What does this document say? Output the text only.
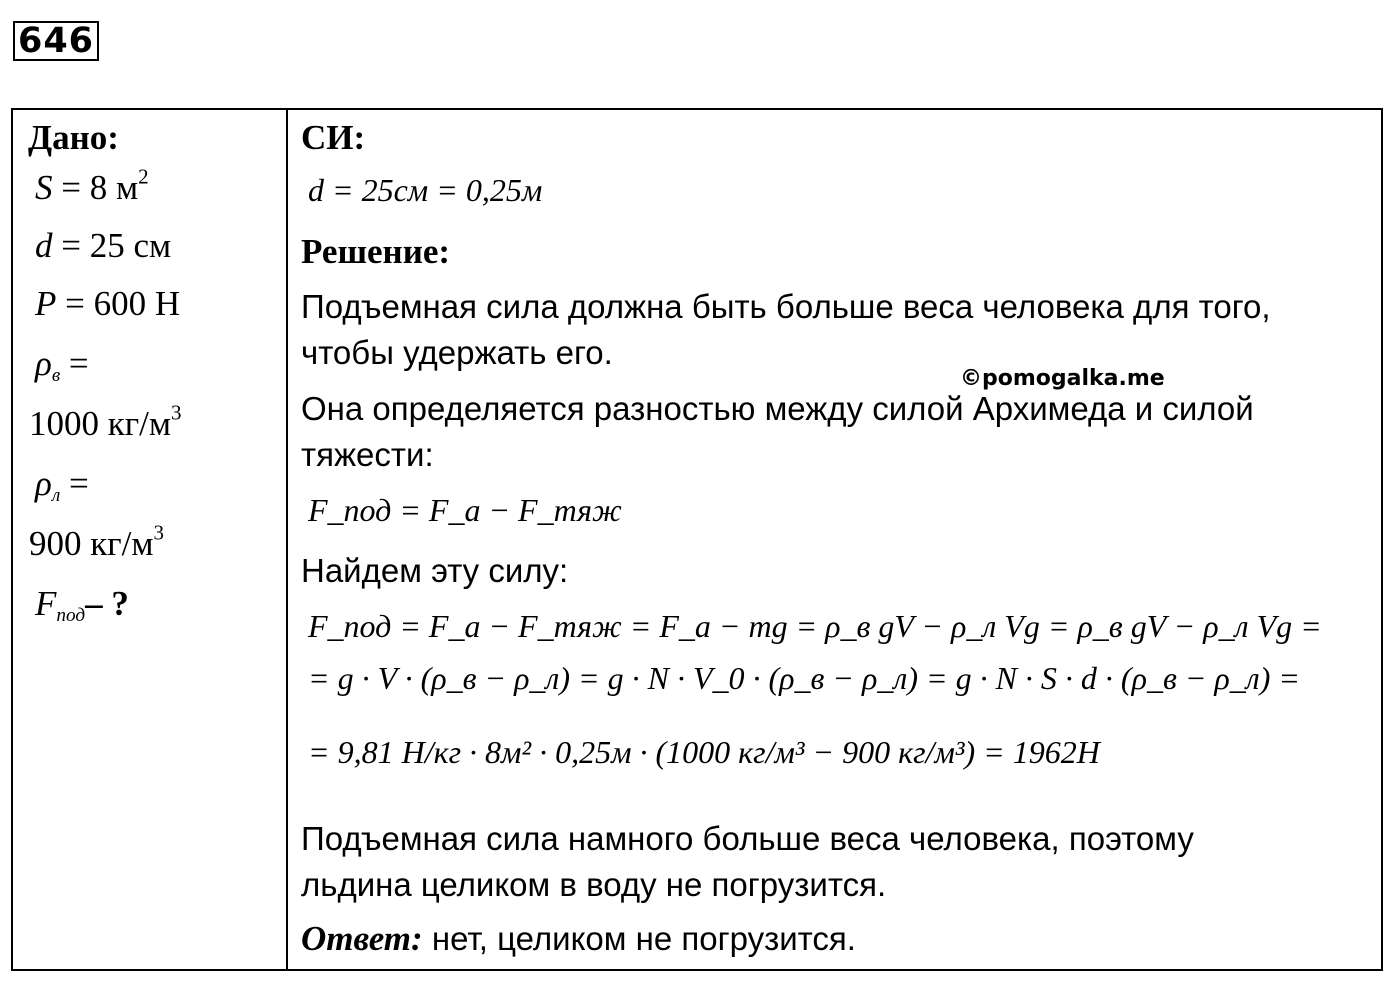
646
Дано:
S = 8 $м^2$
d = 25 см
P = 600 Н
$\rho_в$ =
1000 $кг/м^3$
$\rho_л$ =
900 $кг/м^3$
$F_{под}-$ ?
СИ:
d = 25см = 0,25м
Решение:
Подъемная сила должна быть больше веса человека для того,
чтобы удержать его.
©pomogalka.me
Она определяется разностью между силой Архимеда и силой
тяжести:
F_под = F_а − F_тяж
Найдем эту силу:
F_под = F_а − F_тяж = F_а − mg = ρ_в gV − ρ_л Vg = ρ_в gV − ρ_л Vg =
= g · V · (ρ_в − ρ_л) = g · N · V_0 · (ρ_в − ρ_л) = g · N · S · d · (ρ_в − ρ_л) =
= 9,81 Н/кг · 8м² · 0,25м · (1000 кг/м³ − 900 кг/м³) = 1962Н
Подъемная сила намного больше веса человека, поэтому
льдина целиком в воду не погрузится.
Ответ: нет, целиком не погрузится.
